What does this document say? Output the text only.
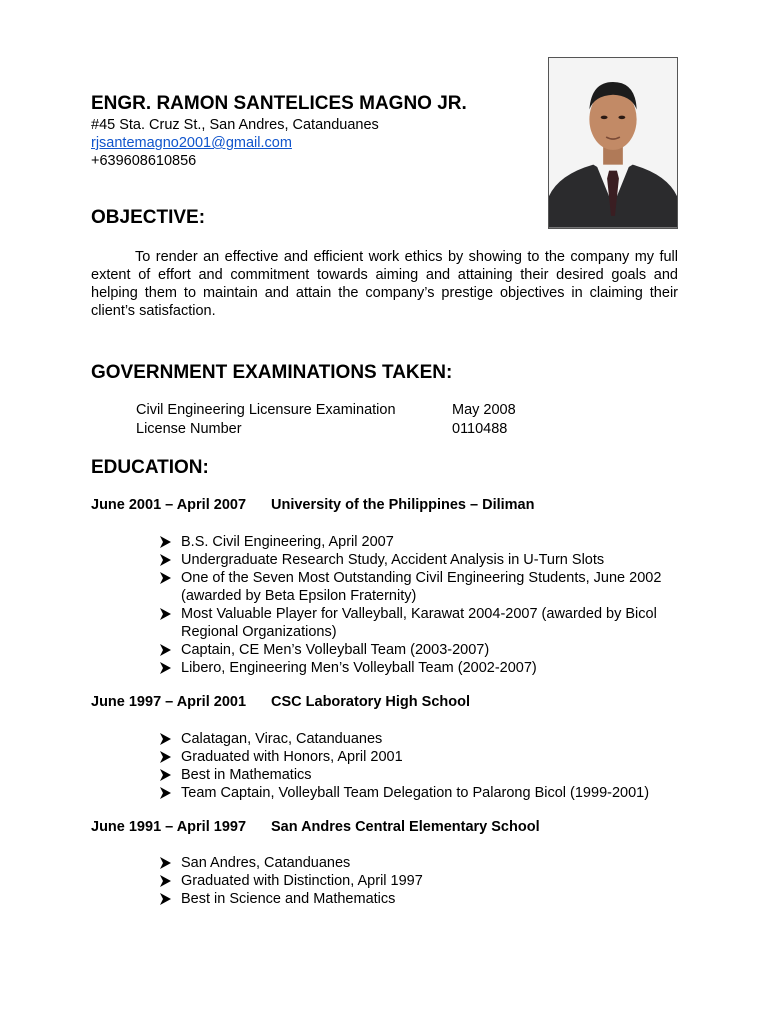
ENGR. RAMON SANTELICES MAGNO JR.

#45 Sta. Cruz St., San Andres, Catanduanes

rjsantemagno2001@gmail.com

+639608610856

OBJECTIVE:

To render an effective and efficient work ethics by showing to the company my full extent of effort and commitment towards aiming and attaining their desired goals and helping them to maintain and attain the company’s prestige objectives in claiming their client’s satisfaction.

GOVERNMENT EXAMINATIONS TAKEN:
Civil Engineering Licensure Examination	May 2008
License Number	0110488
EDUCATION:
June 2001 – April 2007 University of the Philippines – Diliman
B.S. Civil Engineering, April 2007
Undergraduate Research Study, Accident Analysis in U-Turn Slots
One of the Seven Most Outstanding Civil Engineering Students, June 2002 (awarded by Beta Epsilon Fraternity)
Most Valuable Player for Valleyball, Karawat 2004-2007 (awarded by Bicol Regional Organizations)
Captain, CE Men’s Volleyball Team (2003-2007)
Libero, Engineering Men’s Volleyball Team (2002-2007)
June 1997 – April 2001 CSC Laboratory High School
Calatagan, Virac, Catanduanes
Graduated with Honors, April 2001
Best in Mathematics
Team Captain, Volleyball Team Delegation to Palarong Bicol (1999-2001)
June 1991 – April 1997 San Andres Central Elementary School
San Andres, Catanduanes
Graduated with Distinction, April 1997
Best in Science and Mathematics
